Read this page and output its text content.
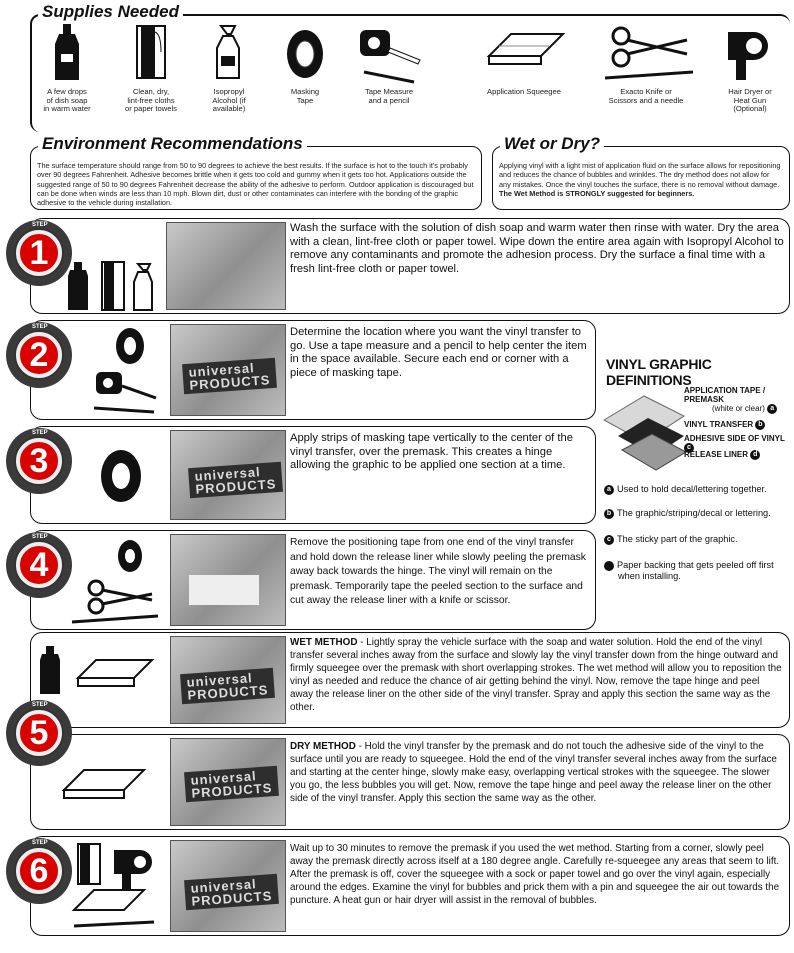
Supplies Needed
A few drops
of dish soap
in warm water
Clean, dry,
lint-free cloths
or paper towels
Isopropyl
Alcohol (if
available)
Masking
Tape
Tape Measure
and a pencil
Application Squeegee	Exacto Knife or
Scissors and a needle
Hair Dryer or
Heat Gun
(Optional)
The surface temperature should range from 50 to 90 degrees to achieve the best results. If the surface is hot to the touch it's probably over 90 degrees Fahrenheit. Adhesive becomes brittle when it gets too cold and gummy when it gets too hot. Applications outside the suggested range of 50 to 90 degrees Fahrenheit decrease the ability of the adhesive to perform. Outdoor application is discouraged but can be done when winds are less than 10 mph. Blown dirt, dust or other contaminates can interfere with the bonding of the graphic adhesive to the vehicle during installation.
Environment Recommendations
Applying vinyl with a light mist of application fluid on the surface allows for repositioning and reduces the chance of bubbles and wrinkles. The dry method does not allow for any mistakes. Once the vinyl touches the surface, there is no removal without damage. The Wet Method is STRONGLY suggested for beginners.
Wet or Dry?
STEP
1
Wash the surface with the solution of dish soap and warm water then rinse with water. Dry the area with a clean, lint-free cloth or paper towel. Wipe down the entire area again with Isopropyl Alcohol to remove any contaminants and promote the adhesion process. Dry the surface a final time with a fresh lint-free cloth or paper towel.
STEP
2	universal
PRODUCTS
Determine the location where you want the vinyl transfer to go. Use a tape measure and a pencil to help center the item in the space available. Secure each end or corner with a piece of masking tape.
STEP
3	universal
PRODUCTS
Apply strips of masking tape vertically to the center of the vinyl transfer, over the premask. This creates a hinge allowing the graphic to be applied one section at a time.
STEP
4
Remove the positioning tape from one end of the vinyl transfer and hold down the release liner while slowly peeling the premask away back towards the hinge. The vinyl will remain on the premask. Temporarily tape the peeled section to the surface and cut away the release liner with a knife or scissor.
VINYL GRAPHIC DEFINITIONS
APPLICATION TAPE / PREMASK
(white or clear) a
VINYL TRANSFER b
ADHESIVE SIDE OF VINYL c
RELEASE LINER d
a Used to hold decal/lettering together.
b The graphic/striping/decal or lettering.
c The sticky part of the graphic.
d Paper backing that gets peeled off first when installing.
STEP
5
universal
PRODUCTS
WET METHOD - Lightly spray the vehicle surface with the soap and water solution. Hold the end of the vinyl transfer several inches away from the surface and slowly lay the vinyl transfer down from the hinge outward and firmly squeegee over the premask with short overlapping strokes. The wet method will allow you to reposition the vinyl as needed and reduce the chance of air getting behind the vinyl. Now, remove the tape hinge and peel away the release liner on the other side of the vinyl transfer. Spray and apply this section the same way as the other.
universal
PRODUCTS
DRY METHOD - Hold the vinyl transfer by the premask and do not touch the adhesive side of the vinyl to the surface until you are ready to squeegee. Hold the end of the vinyl transfer several inches away from the surface and starting at the center hinge, slowly make easy, overlapping vertical strokes with the squeegee. The slower you go, the less bubbles you will get. Now, remove the tape hinge and peel away the release liner on the other side of the vinyl transfer. Apply this section the same way as the other.
STEP
6	universal
PRODUCTS
Wait up to 30 minutes to remove the premask if you used the wet method. Starting from a corner, slowly peel away the premask directly across itself at a 180 degree angle. Carefully re-squeegee any areas that seem to lift. After the premask is off, cover the squeegee with a sock or paper towel and go over the vinyl again, especially around the edges. Examine the vinyl for bubbles and prick them with a pin and squeegee the air out towards the puncture. A heat gun or hair dryer will assist in the removal of bubbles.
